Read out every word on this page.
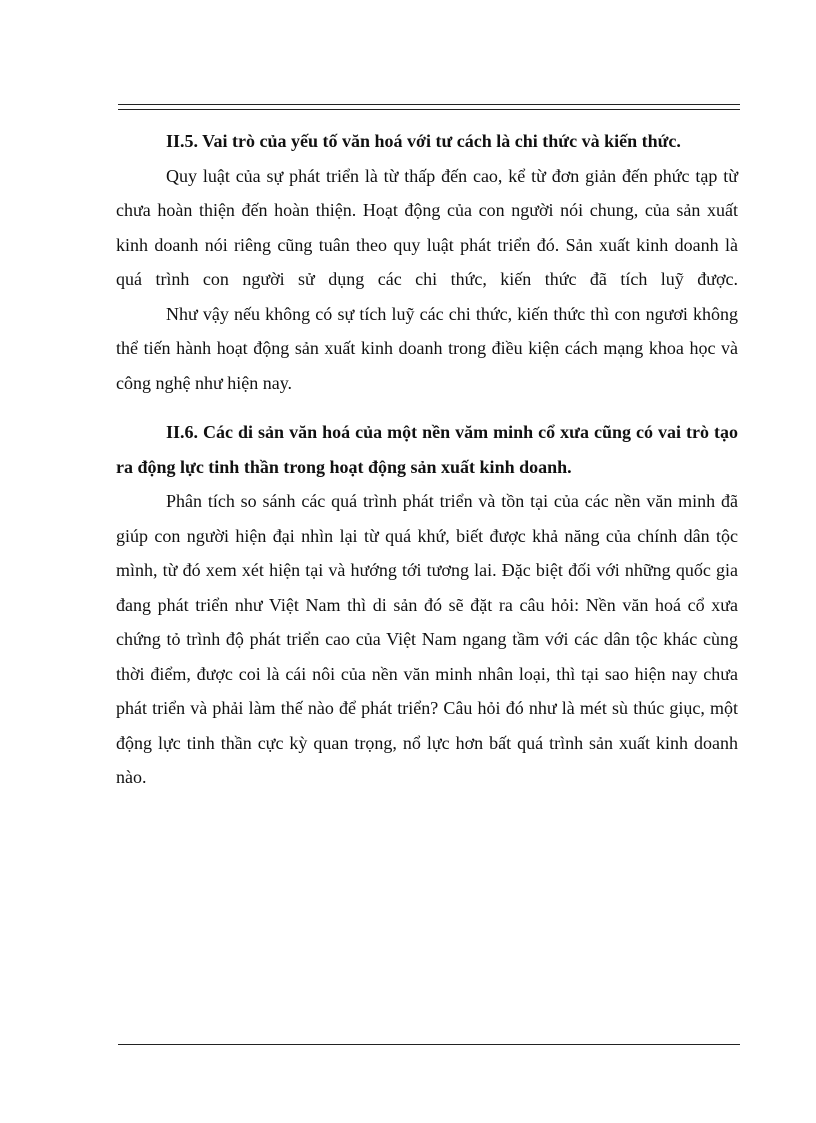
II.5. Vai trò của yếu tố văn hoá với tư cách là chi thức và kiến thức.

Quy luật của sự phát triển là từ thấp đến cao, kể từ đơn giản đến phức tạp từ chưa hoàn thiện đến hoàn thiện. Hoạt động của con người nói chung, của sản xuất kinh doanh nói riêng cũng tuân theo quy luật phát triển đó. Sản xuất kinh doanh là quá trình con người sử dụng các chi thức, kiến thức đã tích luỹ được.

Như vậy nếu không có sự tích luỹ các chi thức, kiến thức thì con ngươi không thể tiến hành hoạt động sản xuất kinh doanh trong điều kiện cách mạng khoa học và công nghệ như hiện nay.

II.6. Các di sản văn hoá của một nền văm minh cổ xưa cũng có vai trò tạo ra động lực tinh thần trong hoạt động sản xuất kinh doanh.

Phân tích so sánh các quá trình phát triển và tồn tại của các nền văn minh đã giúp con người hiện đại nhìn lại từ quá khứ, biết được khả năng của chính dân tộc mình, từ đó xem xét hiện tại và hướng tới tương lai. Đặc biệt đối với những quốc gia đang phát triển như Việt Nam thì di sản đó sẽ đặt ra câu hỏi: Nền văn hoá cổ xưa chứng tỏ trình độ phát triển cao của Việt Nam ngang tầm với các dân tộc khác cùng thời điểm, được coi là cái nôi của nền văn minh nhân loại, thì tại sao hiện nay chưa phát triển và phải làm thế nào để phát triển? Câu hỏi đó như là mét sù thúc giục, một động lực tinh thần cực kỳ quan trọng, nổ lực hơn bất quá trình sản xuất kinh doanh nào.
